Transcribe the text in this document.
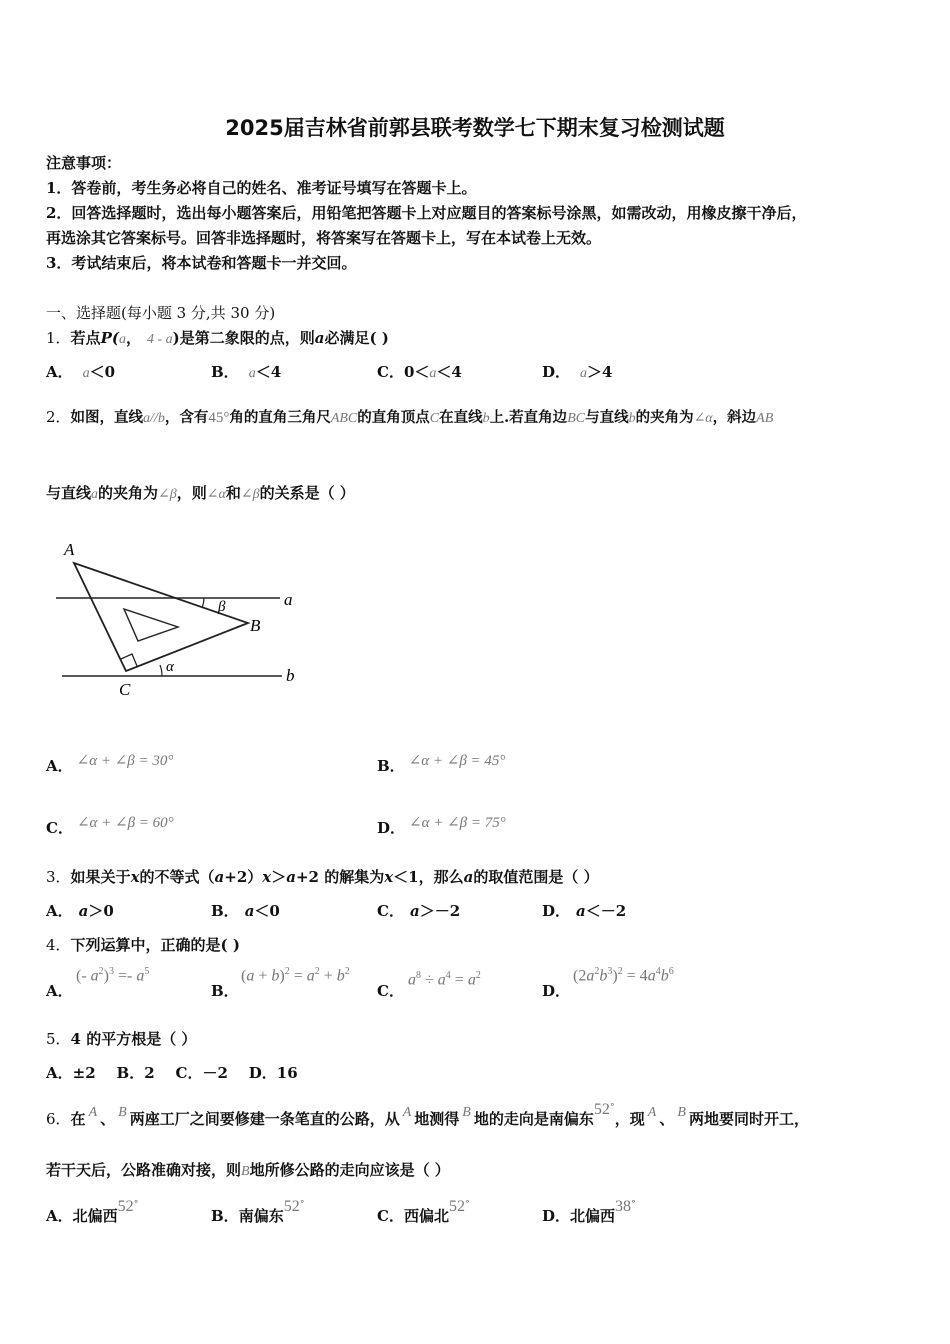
2025届吉林省前郭县联考数学七下期末复习检测试题
注意事项：
1．答卷前，考生务必将自己的姓名、准考证号填写在答题卡上。
2．回答选择题时，选出每小题答案后，用铅笔把答题卡上对应题目的答案标号涂黑，如需改动，用橡皮擦干净后，
再选涂其它答案标号。回答非选择题时，将答案写在答题卡上，写在本试卷上无效。
3．考试结束后，将本试卷和答题卡一并交回。
一、选择题(每小题 3 分,共 30 分)
1．若点P(a， 4 - a)是第二象限的点，则a必满足( )
A． a＜0	B． a＜4	C．0＜a＜4	D． a＞4
2．如图，直线a//b，含有45°角的直角三角尺ABC的直角顶点C在直线b上.若直角边BC与直线b的夹角为∠α，斜边AB
与直线a的夹角为∠β，则∠α和∠β的关系是（ ）
A
B
C
a
b
α
β
A． ∠α + ∠β = 30°	B． ∠α + ∠β = 45°
C． ∠α + ∠β = 60°	D． ∠α + ∠β = 75°
3．如果关于x的不等式（a+2）x＞a+2 的解集为x＜1，那么a的取值范围是（ ）
A． a＞0	B． a＜0	C． a＞－2	D． a＜－2
4．下列运算中，正确的是( )
A．
(- $a^2)^3 =- a^5$
B．
$(a + b)^2 = a^2 + b^2$
C．
$a^8 \div a^4 = a^2$
D．
$(2a^2b^3)^2 = 4a^4b^6$
5．4 的平方根是（ ）
A．±2    B．2    C．－2    D．16
6．在 A 、 B 两座工厂之间要修建一条笔直的公路，从 A 地测得 B 地的走向是南偏东52∘，现 A 、 B 两地要同时开工，
若干天后，公路准确对接，则B地所修公路的走向应该是（ ）
A．北偏西52∘
B．南偏东52∘
C．西偏北52∘
D．北偏西38∘
